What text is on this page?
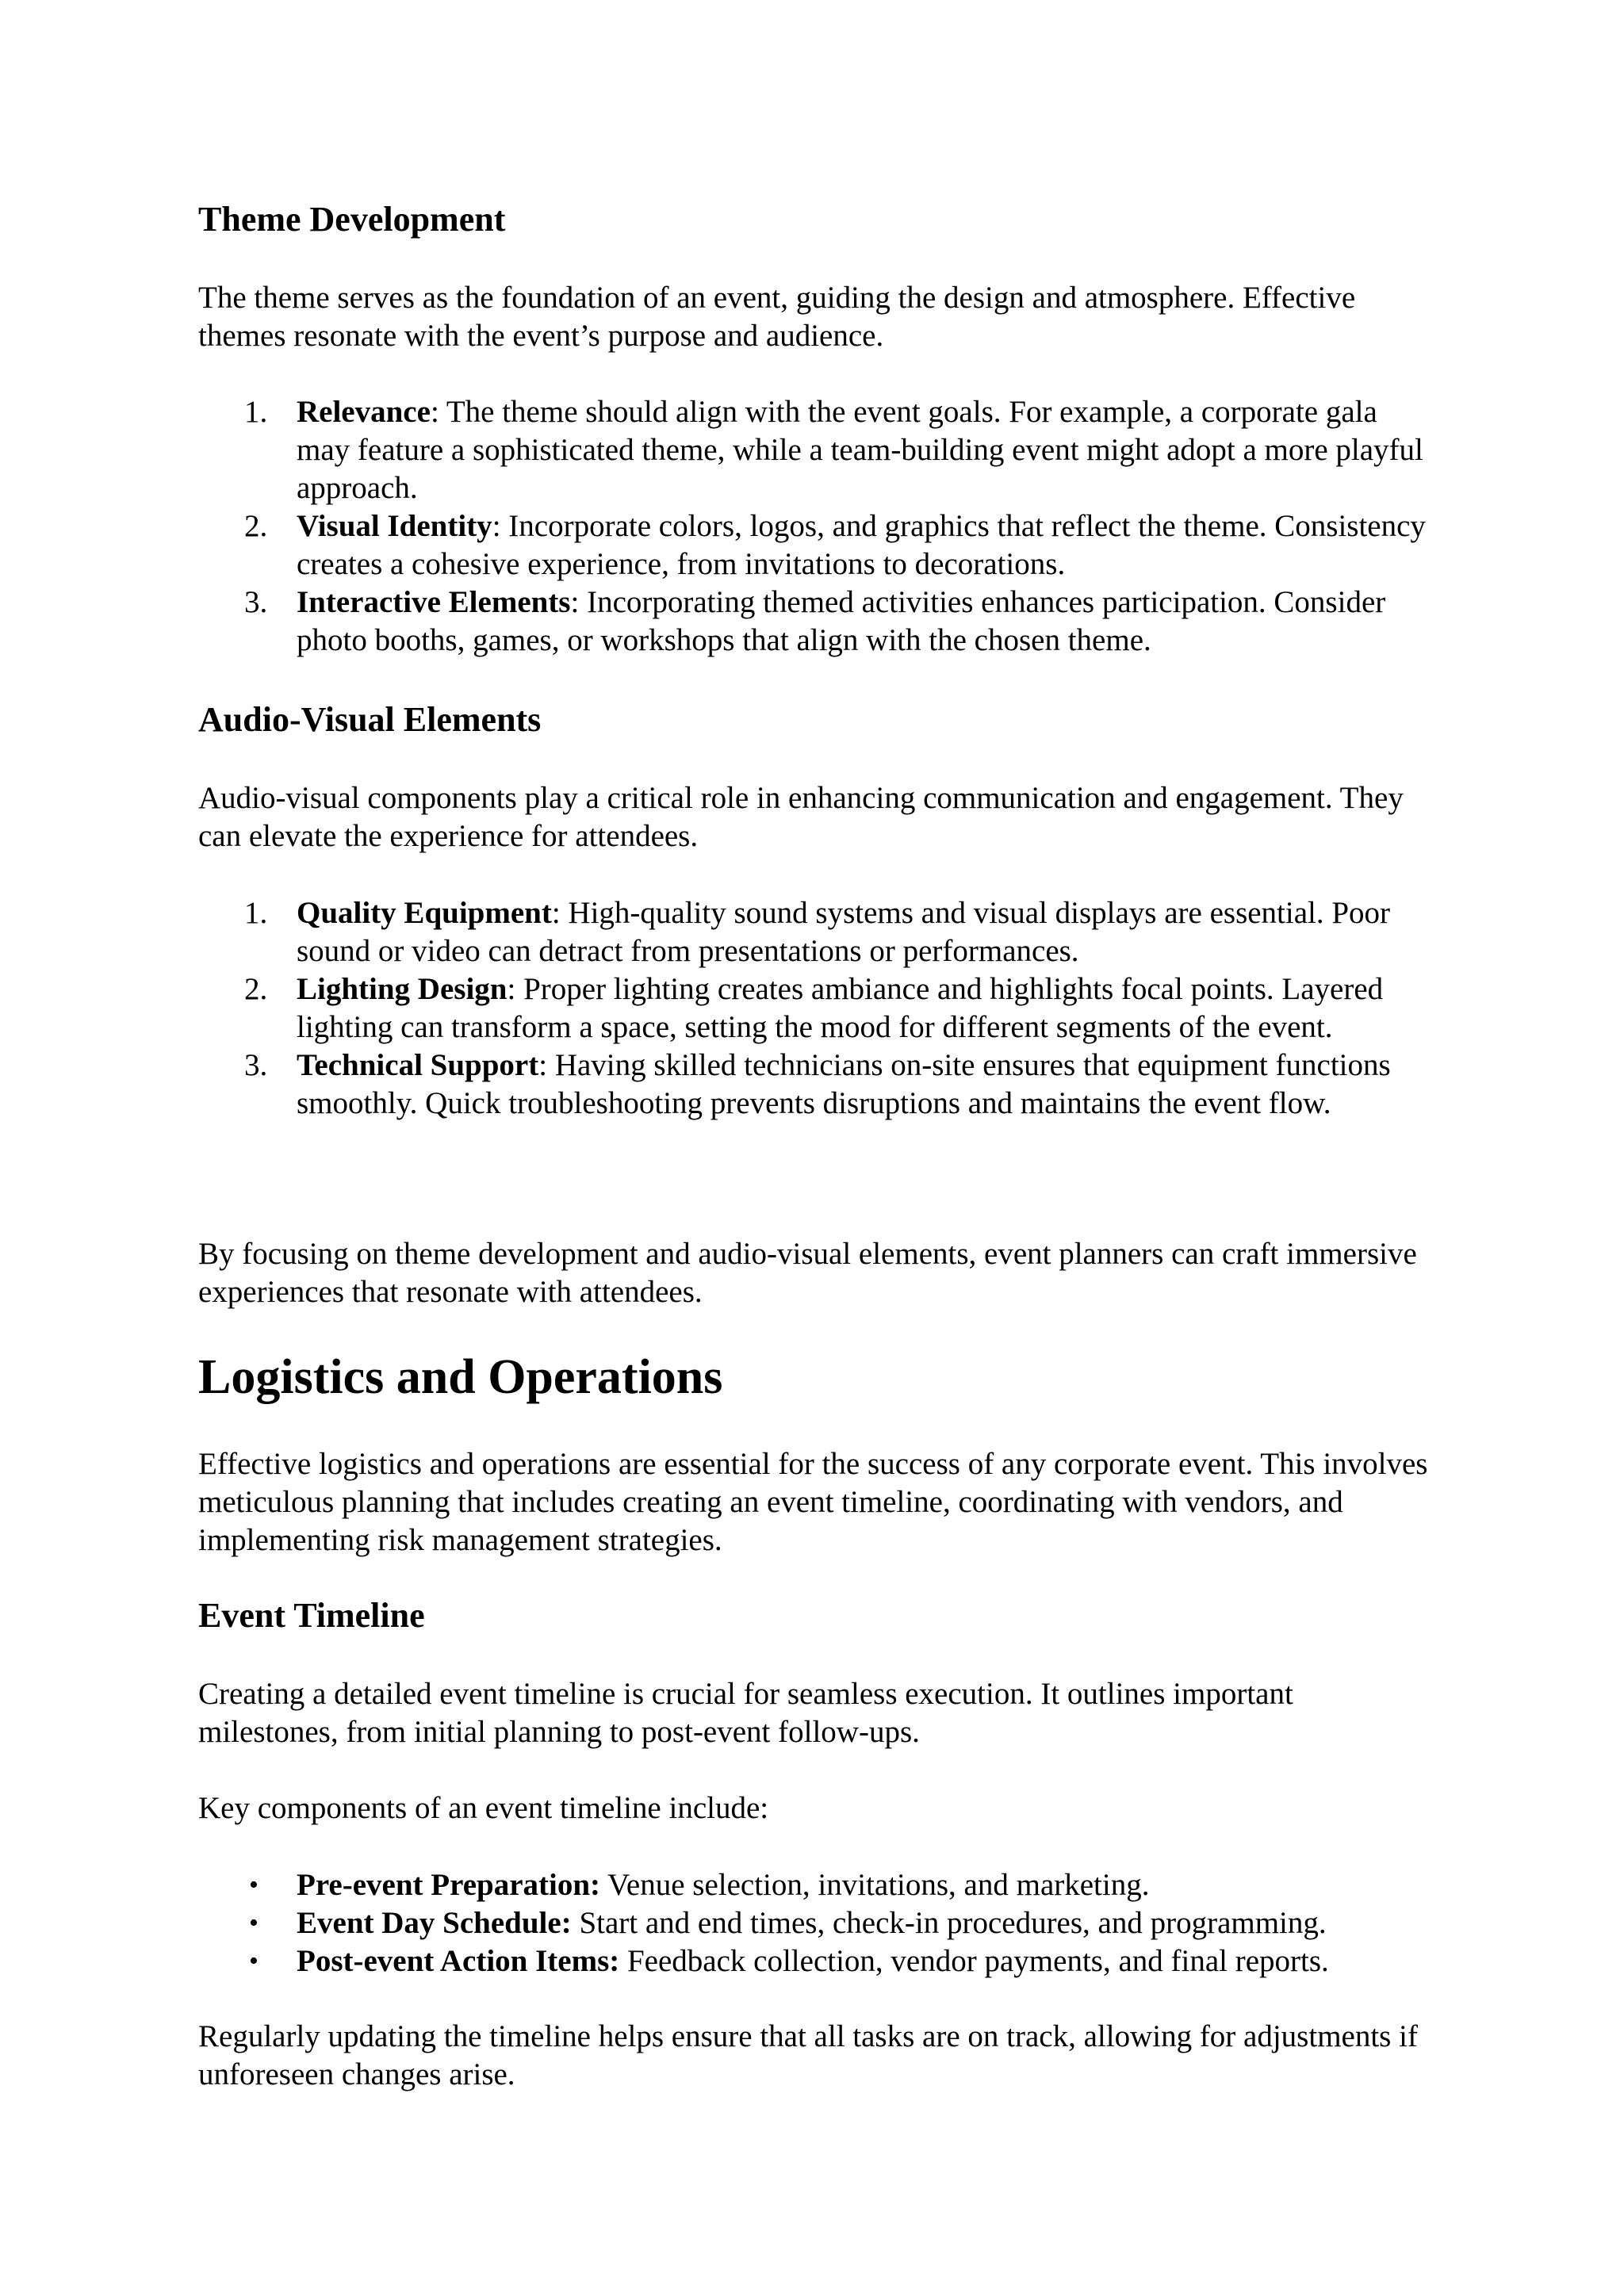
Theme Development

The theme serves as the foundation of an event, guiding the design and atmosphere. Effective themes resonate with the event’s purpose and audience.

1. Relevance: The theme should align with the event goals. For example, a corporate gala may feature a sophisticated theme, while a team-building event might adopt a more playful approach.
2. Visual Identity: Incorporate colors, logos, and graphics that reflect the theme. Consistency creates a cohesive experience, from invitations to decorations.
3. Interactive Elements: Incorporating themed activities enhances participation. Consider photo booths, games, or workshops that align with the chosen theme.
Audio-Visual Elements

Audio-visual components play a critical role in enhancing communication and engagement. They can elevate the experience for attendees.

1. Quality Equipment: High-quality sound systems and visual displays are essential. Poor sound or video can detract from presentations or performances.
2. Lighting Design: Proper lighting creates ambiance and highlights focal points. Layered lighting can transform a space, setting the mood for different segments of the event.
3. Technical Support: Having skilled technicians on-site ensures that equipment functions smoothly. Quick troubleshooting prevents disruptions and maintains the event flow.

By focusing on theme development and audio-visual elements, event planners can craft immersive experiences that resonate with attendees.

Logistics and Operations

Effective logistics and operations are essential for the success of any corporate event. This involves meticulous planning that includes creating an event timeline, coordinating with vendors, and implementing risk management strategies.

Event Timeline

Creating a detailed event timeline is crucial for seamless execution. It outlines important milestones, from initial planning to post-event follow-ups.

Key components of an event timeline include:

• Pre-event Preparation: Venue selection, invitations, and marketing.
• Event Day Schedule: Start and end times, check-in procedures, and programming.
• Post-event Action Items: Feedback collection, vendor payments, and final reports.

Regularly updating the timeline helps ensure that all tasks are on track, allowing for adjustments if unforeseen changes arise.
